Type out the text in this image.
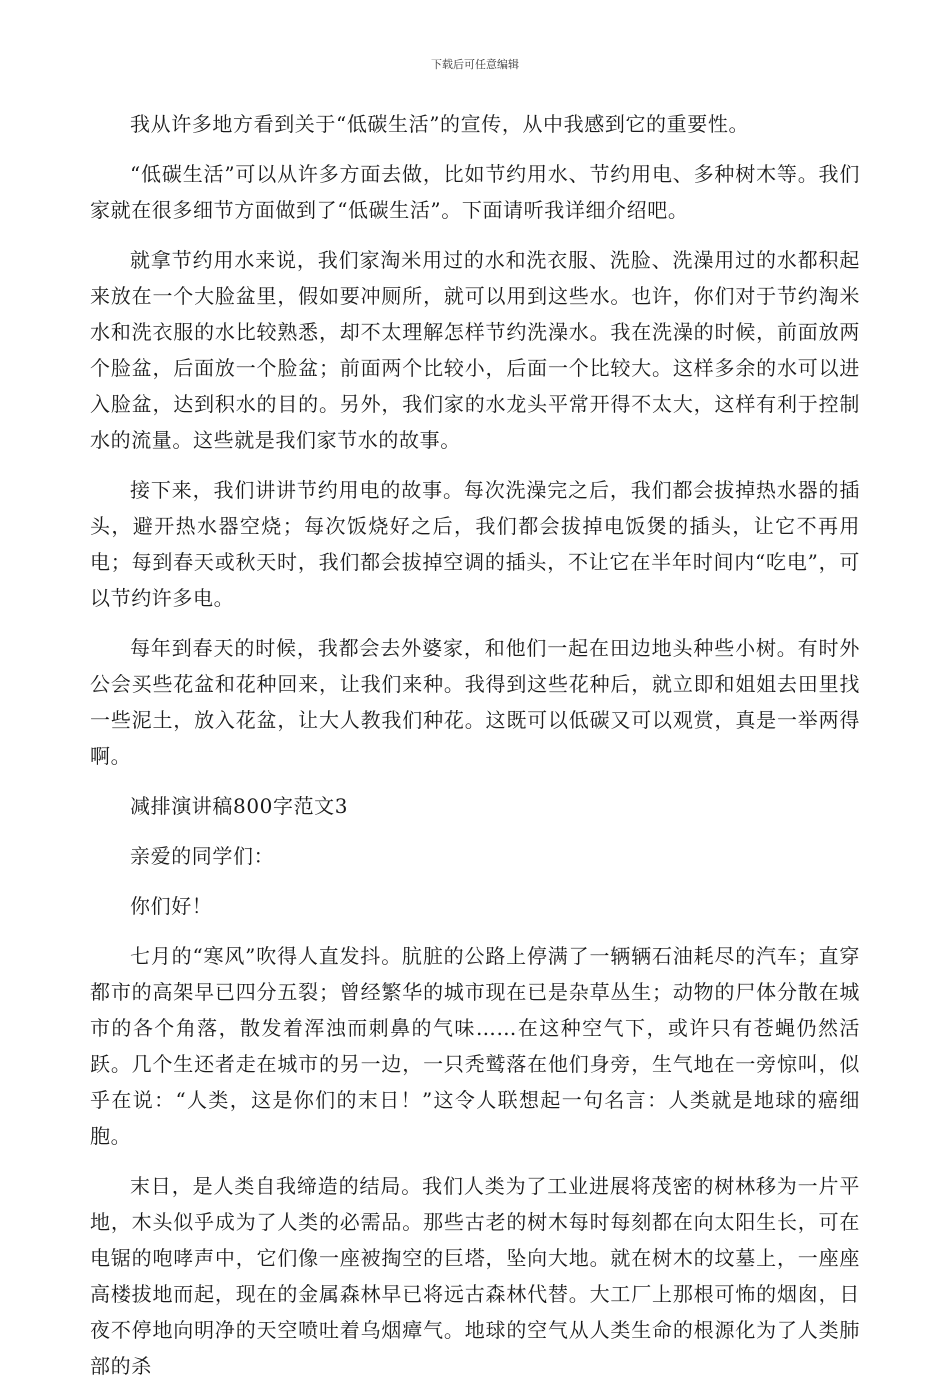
下载后可任意编辑

我从许多地方看到关于“低碳生活”的宣传，从中我感到它的重要性。

“低碳生活”可以从许多方面去做，比如节约用水、节约用电、多种树木等。我们家就在很多细节方面做到了“低碳生活”。下面请听我详细介绍吧。

就拿节约用水来说，我们家淘米用过的水和洗衣服、洗脸、洗澡用过的水都积起来放在一个大脸盆里，假如要冲厕所，就可以用到这些水。也许，你们对于节约淘米水和洗衣服的水比较熟悉，却不太理解怎样节约洗澡水。我在洗澡的时候，前面放两个脸盆，后面放一个脸盆；前面两个比较小，后面一个比较大。这样多余的水可以进入脸盆，达到积水的目的。另外，我们家的水龙头平常开得不太大，这样有利于控制水的流量。这些就是我们家节水的故事。

接下来，我们讲讲节约用电的故事。每次洗澡完之后，我们都会拔掉热水器的插头，避开热水器空烧；每次饭烧好之后，我们都会拔掉电饭煲的插头，让它不再用电；每到春天或秋天时，我们都会拔掉空调的插头，不让它在半年时间内“吃电”，可以节约许多电。

每年到春天的时候，我都会去外婆家，和他们一起在田边地头种些小树。有时外公会买些花盆和花种回来，让我们来种。我得到这些花种后，就立即和姐姐去田里找一些泥土，放入花盆，让大人教我们种花。这既可以低碳又可以观赏，真是一举两得啊。

减排演讲稿800字范文3

亲爱的同学们：

你们好！

七月的“寒风”吹得人直发抖。肮脏的公路上停满了一辆辆石油耗尽的汽车；直穿都市的高架早已四分五裂；曾经繁华的城市现在已是杂草丛生；动物的尸体分散在城市的各个角落，散发着浑浊而刺鼻的气味……在这种空气下，或许只有苍蝇仍然活跃。几个生还者走在城市的另一边，一只秃鹫落在他们身旁，生气地在一旁惊叫，似乎在说：“人类，这是你们的末日！”这令人联想起一句名言：人类就是地球的癌细胞。

末日，是人类自我缔造的结局。我们人类为了工业进展将茂密的树林移为一片平地，木头似乎成为了人类的必需品。那些古老的树木每时每刻都在向太阳生长，可在电锯的咆哮声中，它们像一座被掏空的巨塔，坠向大地。就在树木的坟墓上，一座座高楼拔地而起，现在的金属森林早已将远古森林代替。大工厂上那根可怖的烟囱，日夜不停地向明净的天空喷吐着乌烟瘴气。地球的空气从人类生命的根源化为了人类肺部的杀
